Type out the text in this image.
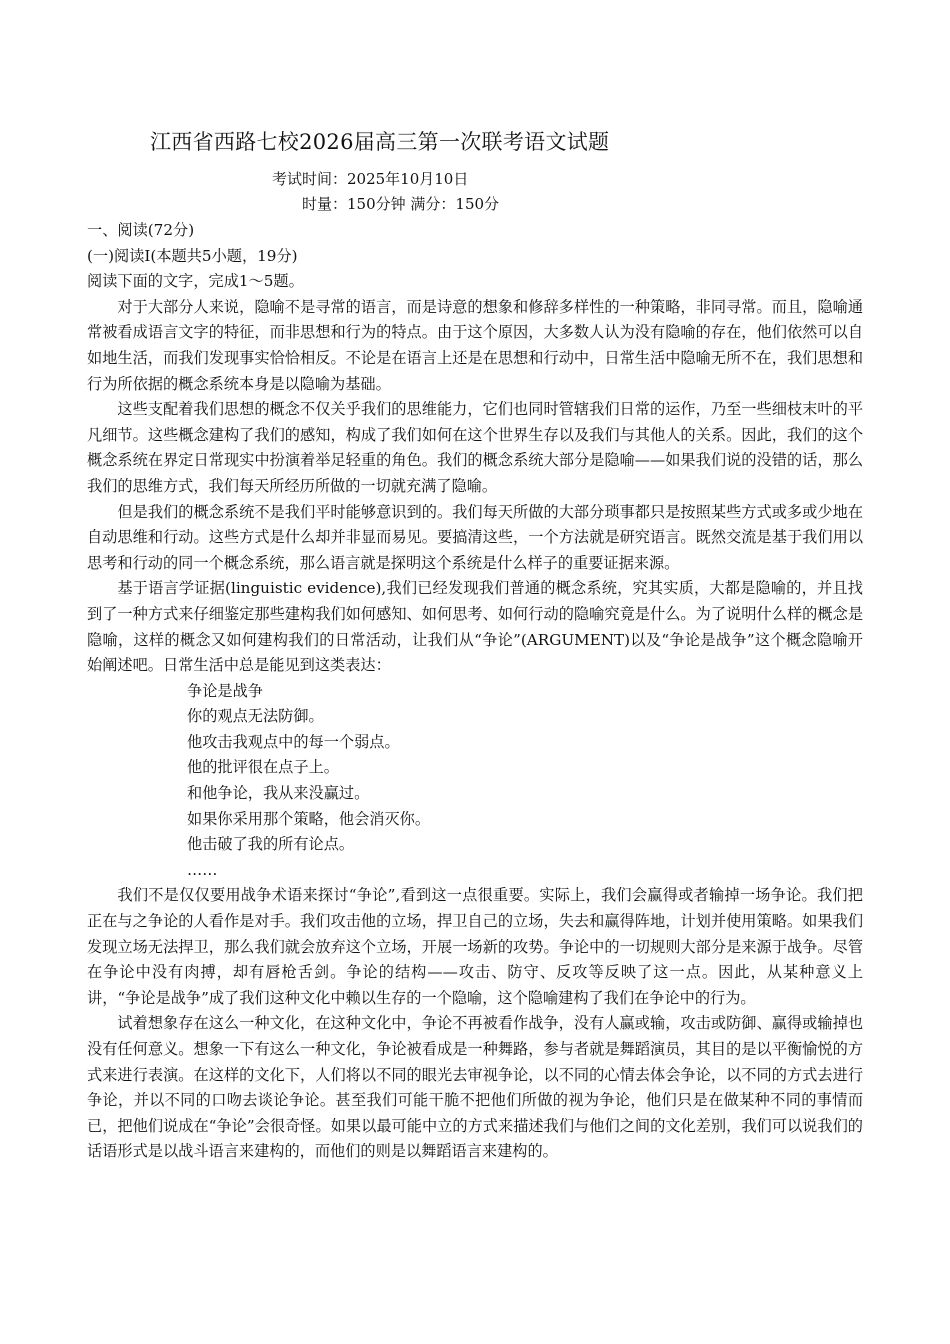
江西省西路七校2026届高三第一次联考语文试题
考试时间：2025年10月10日
时量：150分钟 满分：150分

一、阅读(72分)

(一)阅读I(本题共5小题，19分)

阅读下面的文字，完成1～5题。

对于大部分人来说，隐喻不是寻常的语言，而是诗意的想象和修辞多样性的一种策略，非同寻常。而且，隐喻通常被看成语言文字的特征，而非思想和行为的特点。由于这个原因，大多数人认为没有隐喻的存在，他们依然可以自如地生活，而我们发现事实恰恰相反。不论是在语言上还是在思想和行动中，日常生活中隐喻无所不在，我们思想和行为所依据的概念系统本身是以隐喻为基础。

这些支配着我们思想的概念不仅关乎我们的思维能力，它们也同时管辖我们日常的运作，乃至一些细枝末叶的平凡细节。这些概念建构了我们的感知，构成了我们如何在这个世界生存以及我们与其他人的关系。因此，我们的这个概念系统在界定日常现实中扮演着举足轻重的角色。我们的概念系统大部分是隐喻——如果我们说的没错的话，那么我们的思维方式，我们每天所经历所做的一切就充满了隐喻。

但是我们的概念系统不是我们平时能够意识到的。我们每天所做的大部分琐事都只是按照某些方式或多或少地在自动思维和行动。这些方式是什么却并非显而易见。要搞清这些，一个方法就是研究语言。既然交流是基于我们用以思考和行动的同一个概念系统，那么语言就是探明这个系统是什么样子的重要证据来源。

基于语言学证据(linguistic evidence),我们已经发现我们普通的概念系统，究其实质，大都是隐喻的，并且找到了一种方式来仔细鉴定那些建构我们如何感知、如何思考、如何行动的隐喻究竟是什么。为了说明什么样的概念是隐喻，这样的概念又如何建构我们的日常活动，让我们从“争论”(ARGUMENT)以及“争论是战争”这个概念隐喻开始阐述吧。日常生活中总是能见到这类表达：

争论是战争
你的观点无法防御。
他攻击我观点中的每一个弱点。
他的批评很在点子上。
和他争论，我从来没赢过。
如果你采用那个策略，他会消灭你。
他击破了我的所有论点。
……

我们不是仅仅要用战争术语来探讨“争论”,看到这一点很重要。实际上，我们会赢得或者输掉一场争论。我们把正在与之争论的人看作是对手。我们攻击他的立场，捍卫自己的立场，失去和赢得阵地，计划并使用策略。如果我们发现立场无法捍卫，那么我们就会放弃这个立场，开展一场新的攻势。争论中的一切规则大部分是来源于战争。尽管在争论中没有肉搏，却有唇枪舌剑。争论的结构——攻击、防守、反攻等反映了这一点。因此，从某种意义上讲，“争论是战争”成了我们这种文化中赖以生存的一个隐喻，这个隐喻建构了我们在争论中的行为。

试着想象存在这么一种文化，在这种文化中，争论不再被看作战争，没有人赢或输，攻击或防御、赢得或输掉也没有任何意义。想象一下有这么一种文化，争论被看成是一种舞路，参与者就是舞蹈演员，其目的是以平衡愉悦的方式来进行表演。在这样的文化下，人们将以不同的眼光去审视争论，以不同的心情去体会争论，以不同的方式去进行争论，并以不同的口吻去谈论争论。甚至我们可能干脆不把他们所做的视为争论，他们只是在做某种不同的事情而已，把他们说成在“争论”会很奇怪。如果以最可能中立的方式来描述我们与他们之间的文化差别，我们可以说我们的话语形式是以战斗语言来建构的，而他们的则是以舞蹈语言来建构的。
